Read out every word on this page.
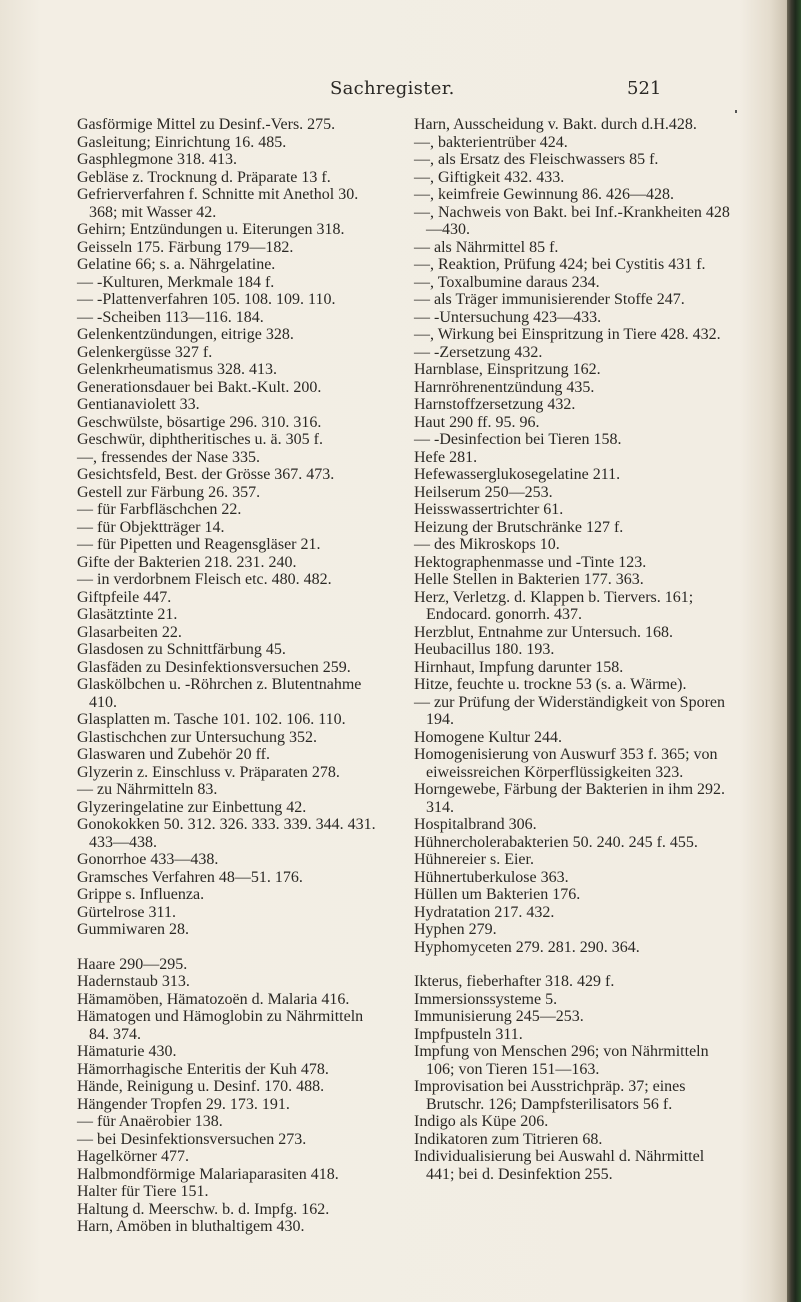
Sachregister.	521
Gasförmige Mittel zu Desinf.-Vers. 275.
Gasleitung; Einrichtung 16. 485.
Gasphlegmone 318. 413.
Gebläse z. Trocknung d. Präparate 13 f.
Gefrierverfahren f. Schnitte mit Anethol 30. 368; mit Wasser 42.
Gehirn; Entzündungen u. Eiterungen 318.
Geisseln 175. Färbung 179—182.
Gelatine 66; s. a. Nährgelatine.
— -Kulturen, Merkmale 184 f.
— -Plattenverfahren 105. 108. 109. 110.
— -Scheiben 113—116. 184.
Gelenkentzündungen, eitrige 328.
Gelenkergüsse 327 f.
Gelenkrheumatismus 328. 413.
Generationsdauer bei Bakt.-Kult. 200.
Gentianaviolett 33.
Geschwülste, bösartige 296. 310. 316.
Geschwür, diphtheritisches u. ä. 305 f.
—, fressendes der Nase 335.
Gesichtsfeld, Best. der Grösse 367. 473.
Gestell zur Färbung 26. 357.
— für Farbfläschchen 22.
— für Objektträger 14.
— für Pipetten und Reagensgläser 21.
Gifte der Bakterien 218. 231. 240.
— in verdorbnem Fleisch etc. 480. 482.
Giftpfeile 447.
Glasätztinte 21.
Glasarbeiten 22.
Glasdosen zu Schnittfärbung 45.
Glasfäden zu Desinfektionsversuchen 259.
Glaskölbchen u. -Röhrchen z. Blutentnahme 410.
Glasplatten m. Tasche 101. 102. 106. 110.
Glastischchen zur Untersuchung 352.
Glaswaren und Zubehör 20 ff.
Glyzerin z. Einschluss v. Präparaten 278.
— zu Nährmitteln 83.
Glyzeringelatine zur Einbettung 42.
Gonokokken 50. 312. 326. 333. 339. 344. 431. 433—438.
Gonorrhoe 433—438.
Gramsches Verfahren 48—51. 176.
Grippe s. Influenza.
Gürtelrose 311.
Gummiwaren 28.
Haare 290—295.
Hadernstaub 313.
Hämamöben, Hämatozoën d. Malaria 416.
Hämatogen und Hämoglobin zu Nährmitteln 84. 374.
Hämaturie 430.
Hämorrhagische Enteritis der Kuh 478.
Hände, Reinigung u. Desinf. 170. 488.
Hängender Tropfen 29. 173. 191.
— für Anaërobier 138.
— bei Desinfektionsversuchen 273.
Hagelkörner 477.
Halbmondförmige Malariaparasiten 418.
Halter für Tiere 151.
Haltung d. Meerschw. b. d. Impfg. 162.
Harn, Amöben in bluthaltigem 430.
Harn, Ausscheidung v. Bakt. durch d.H.428.
—, bakterientrüber 424.
—, als Ersatz des Fleischwassers 85 f.
—, Giftigkeit 432. 433.
—, keimfreie Gewinnung 86. 426—428.
—, Nachweis von Bakt. bei Inf.-Krankheiten 428—430.
— als Nährmittel 85 f.
—, Reaktion, Prüfung 424; bei Cystitis 431 f.
—, Toxalbumine daraus 234.
— als Träger immunisierender Stoffe 247.
— -Untersuchung 423—433.
—, Wirkung bei Einspritzung in Tiere 428. 432.
— -Zersetzung 432.
Harnblase, Einspritzung 162.
Harnröhrenentzündung 435.
Harnstoffzersetzung 432.
Haut 290 ff. 95. 96.
— -Desinfection bei Tieren 158.
Hefe 281.
Hefewasserglukosegelatine 211.
Heilserum 250—253.
Heisswassertrichter 61.
Heizung der Brutschränke 127 f.
— des Mikroskops 10.
Hektographenmasse und -Tinte 123.
Helle Stellen in Bakterien 177. 363.
Herz, Verletzg. d. Klappen b. Tiervers. 161; Endocard. gonorrh. 437.
Herzblut, Entnahme zur Untersuch. 168.
Heubacillus 180. 193.
Hirnhaut, Impfung darunter 158.
Hitze, feuchte u. trockne 53 (s. a. Wärme).
— zur Prüfung der Widerständigkeit von Sporen 194.
Homogene Kultur 244.
Homogenisierung von Auswurf 353 f. 365; von eiweissreichen Körperflüssigkeiten 323.
Horngewebe, Färbung der Bakterien in ihm 292. 314.
Hospitalbrand 306.
Hühnercholerabakterien 50. 240. 245 f. 455.
Hühnereier s. Eier.
Hühnertuberkulose 363.
Hüllen um Bakterien 176.
Hydratation 217. 432.
Hyphen 279.
Hyphomyceten 279. 281. 290. 364.
Ikterus, fieberhafter 318. 429 f.
Immersionssysteme 5.
Immunisierung 245—253.
Impfpusteln 311.
Impfung von Menschen 296; von Nährmitteln 106; von Tieren 151—163.
Improvisation bei Ausstrichpräp. 37; eines Brutschr. 126; Dampfsterilisators 56 f.
Indigo als Küpe 206.
Indikatoren zum Titrieren 68.
Individualisierung bei Auswahl d. Nährmittel 441; bei d. Desinfektion 255.
